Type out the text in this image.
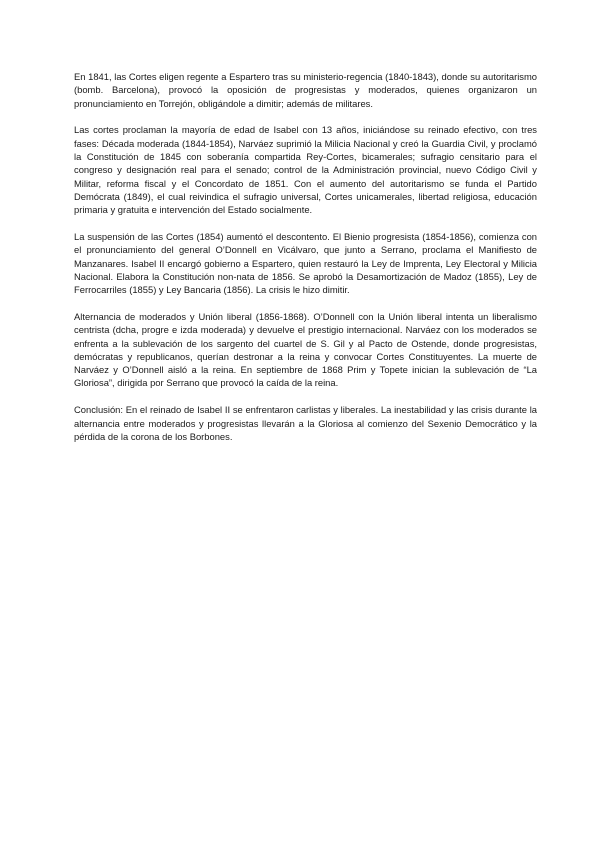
En 1841, las Cortes eligen regente a Espartero tras su ministerio-regencia (1840-1843), donde su autoritarismo (bomb. Barcelona), provocó la oposición de progresistas y moderados, quienes organizaron un pronunciamiento en Torrejón, obligándole a dimitir; además de militares.

Las cortes proclaman la mayoría de edad de Isabel con 13 años, iniciándose su reinado efectivo, con tres fases: Década moderada (1844-1854), Narváez suprimió la Milicia Nacional y creó la Guardia Civil, y proclamó la Constitución de 1845 con soberanía compartida Rey-Cortes, bicamerales; sufragio censitario para el congreso y designación real para el senado; control de la Administración provincial, nuevo Código Civil y Militar, reforma fiscal y el Concordato de 1851. Con el aumento del autoritarismo se funda el Partido Demócrata (1849), el cual reivindica el sufragio universal, Cortes unicamerales, libertad religiosa, educación primaria y gratuita e intervención del Estado socialmente.

La suspensión de las Cortes (1854) aumentó el descontento. El Bienio progresista (1854-1856), comienza con el pronunciamiento del general O’Donnell en Vicálvaro, que junto a Serrano, proclama el Manifiesto de Manzanares. Isabel II encargó gobierno a Espartero, quien restauró la Ley de Imprenta, Ley Electoral y Milicia Nacional. Elabora la Constitución non-nata de 1856. Se aprobó la Desamortización de Madoz (1855), Ley de Ferrocarriles (1855) y Ley Bancaria (1856). La crisis le hizo dimitir.

Alternancia de moderados y Unión liberal (1856-1868). O’Donnell con la Unión liberal intenta un liberalismo centrista (dcha, progre e izda moderada) y devuelve el prestigio internacional. Narváez con los moderados se enfrenta a la sublevación de los sargento del cuartel de S. Gil y al Pacto de Ostende, donde progresistas, demócratas y republicanos, querían destronar a la reina y convocar Cortes Constituyentes. La muerte de Narváez y O’Donnell aisló a la reina. En septiembre de 1868 Prim y Topete inician la sublevación de “La Gloriosa”, dirigida por Serrano que provocó la caída de la reina.

Conclusión: En el reinado de Isabel II se enfrentaron carlistas y liberales. La inestabilidad y las crisis durante la alternancia entre moderados y progresistas llevarán a la Gloriosa al comienzo del Sexenio Democrático y la pérdida de la corona de los Borbones.
